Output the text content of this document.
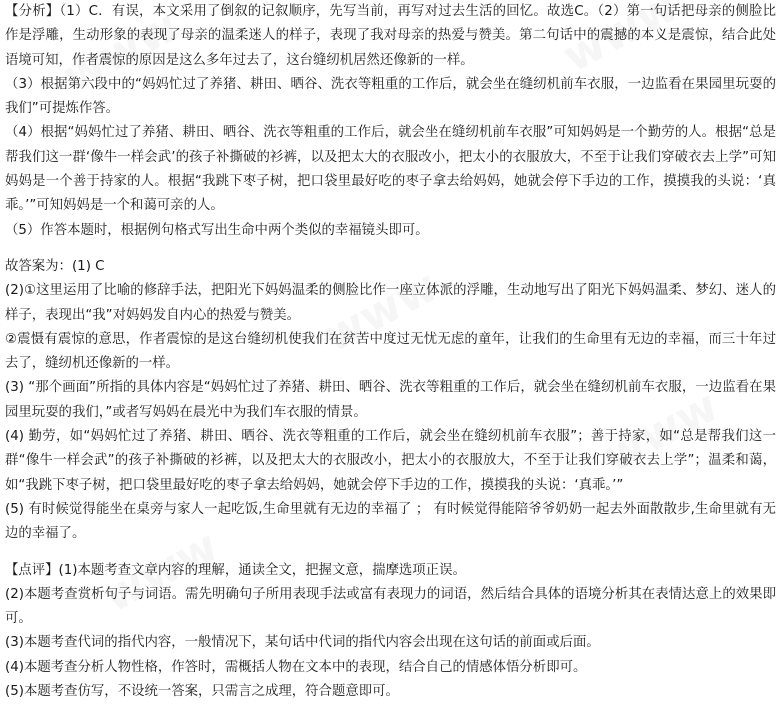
【分析】（1）C．有误，本文采用了倒叙的记叙顺序，先写当前，再写对过去生活的回忆。故选C。（2）第一句话把母亲的侧脸比作是浮雕，生动形象的表现了母亲的温柔迷人的样子，表现了我对母亲的热爱与赞美。第二句话中的震撼的本义是震惊，结合此处语境可知，作者震惊的原因是这么多年过去了，这台缝纫机居然还像新的一样。

（3）根据第六段中的“妈妈忙过了养猪、耕田、晒谷、洗衣等粗重的工作后，就会坐在缝纫机前车衣服，一边监看在果园里玩耍的我们”可提炼作答。

（4）根据“妈妈忙过了养猪、耕田、晒谷、洗衣等粗重的工作后，就会坐在缝纫机前车衣服”可知妈妈是一个勤劳的人。根据“总是帮我们这一群‘像牛一样会武’的孩子补撕破的衫裤，以及把太大的衣服改小，把太小的衣服放大，不至于让我们穿破衣去上学”可知妈妈是一个善于持家的人。根据“我跳下枣子树，把口袋里最好吃的枣子拿去给妈妈，她就会停下手边的工作，摸摸我的头说：‘真乖。’”可知妈妈是一个和蔼可亲的人。

（5）作答本题时，根据例句格式写出生命中两个类似的幸福镜头即可。

故答案为：(1) C

(2)①这里运用了比喻的修辞手法，把阳光下妈妈温柔的侧脸比作一座立体派的浮雕，生动地写出了阳光下妈妈温柔、梦幻、迷人的样子，表现出“我”对妈妈发自内心的热爱与赞美。

②震慑有震惊的意思，作者震惊的是这台缝纫机使我们在贫苦中度过无忧无虑的童年，让我们的生命里有无边的幸福，而三十年过去了，缝纫机还像新的一样。

(3) “那个画面”所指的具体内容是“妈妈忙过了养猪、耕田、晒谷、洗衣等粗重的工作后，就会坐在缝纫机前车衣服，一边监看在果园里玩耍的我们，”或者写妈妈在晨光中为我们车衣服的情景。

(4) 勤劳，如“妈妈忙过了养猪、耕田、晒谷、洗衣等粗重的工作后，就会坐在缝纫机前车衣服”；善于持家，如“总是帮我们这一群“像牛一样会武”的孩子补撕破的衫裤，以及把太大的衣服改小，把太小的衣服放大，不至于让我们穿破衣去上学”；温柔和蔼，如“我跳下枣子树，把口袋里最好吃的枣子拿去给妈妈，她就会停下手边的工作，摸摸我的头说：‘真乖。’”

(5) 有时候觉得能坐在桌旁与家人一起吃饭,生命里就有无边的幸福了 ； 有时候觉得能陪爷爷奶奶一起去外面散散步,生命里就有无边的幸福了。

【点评】(1)本题考查文章内容的理解，通读全文，把握文意，揣摩选项正误。

(2)本题考查赏析句子与词语。需先明确句子所用表现手法或富有表现力的词语，然后结合具体的语境分析其在表情达意上的效果即可。

(3)本题考查代词的指代内容，一般情况下，某句话中代词的指代内容会出现在这句话的前面或后面。

(4)本题考查分析人物性格，作答时，需概括人物在文本中的表现，结合自己的情感体悟分析即可。

(5)本题考查仿写，不设统一答案，只需言之成理，符合题意即可。
